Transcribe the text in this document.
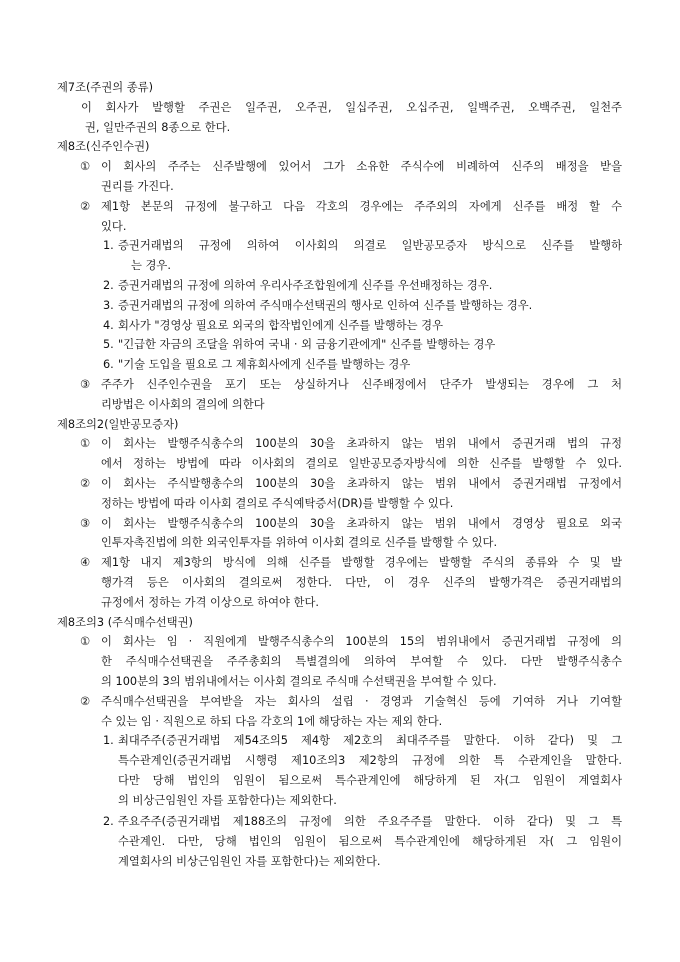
제7조(주권의 종류)
이 회사가 발행할 주권은 일주권, 오주권, 일십주권, 오십주권, 일백주권, 오백주권, 일천주
권, 일만주권의 8종으로 한다.
제8조(신주인수권)
① 이 회사의 주주는 신주발행에 있어서 그가 소유한 주식수에 비례하여 신주의 배정을 받을
권리를 가진다.
② 제1항 본문의 규정에 불구하고 다음 각호의 경우에는 주주외의 자에게 신주를 배정 할 수
있다.
1. 증권거래법의 규정에 의하여 이사회의 의결로 일반공모증자 방식으로 신주를 발행하
는 경우.
2. 증권거래법의 규정에 의하여 우리사주조합원에게 신주를 우선배정하는 경우.
3. 증권거래법의 규정에 의하여 주식매수선택권의 행사로 인하여 신주를 발행하는 경우.
4. 회사가 "경영상 필요로 외국의 합작법인에게 신주를 발행하는 경우
5. "긴급한 자금의 조달을 위하여 국내 · 외 금융기관에게" 신주를 발행하는 경우
6. "기술 도입을 필요로 그 제휴회사에게 신주를 발행하는 경우
③ 주주가 신주인수권을 포기 또는 상실하거나 신주배정에서 단주가 발생되는 경우에 그 처
리방법은 이사회의 결의에 의한다
제8조의2(일반공모증자)
① 이 회사는 발행주식총수의 100분의 30을 초과하지 않는 범위 내에서 증권거래 법의 규정
에서 정하는 방법에 따라 이사회의 결의로 일반공모증자방식에 의한 신주를 발행할 수 있다.
② 이 회사는 주식발행총수의 100분의 30을 초과하지 않는 범위 내에서 증권거래법 규정에서
정하는 방법에 따라 이사회 결의로 주식예탁증서(DR)를 발행할 수 있다.
③ 이 회사는 발행주식총수의 100분의 30을 초과하지 않는 범위 내에서 경영상 필요로 외국
인투자촉진법에 의한 외국인투자를 위하여 이사회 결의로 신주를 발행할 수 있다.
④ 제1항 내지 제3항의 방식에 의해 신주를 발행할 경우에는 발행할 주식의 종류와 수 및 발
행가격 등은 이사회의 결의로써 정한다. 다만, 이 경우 신주의 발행가격은 증권거래법의
규정에서 정하는 가격 이상으로 하여야 한다.
제8조의3 (주식매수선택권)
① 이 회사는 임 · 직원에게 발행주식총수의 100분의 15의 범위내에서 증권거래법 규정에 의
한 주식매수선택권을 주주총회의 특별결의에 의하여 부여할 수 있다. 다만 발행주식총수
의 100분의 3의 범위내에서는 이사회 결의로 주식매 수선택권을 부여할 수 있다.
② 주식매수선택권을 부여받을 자는 회사의 설립 · 경영과 기술혁신 등에 기여하 거나 기여할
수 있는 임 · 직원으로 하되 다음 각호의 1에 해당하는 자는 제외 한다.
1. 최대주주(증권거래법 제54조의5 제4항 제2호의 최대주주를 말한다. 이하 같다) 및 그
특수관계인(증권거래법 시행령 제10조의3 제2항의 규정에 의한 특 수관계인을 말한다.
다만 당해 법인의 임원이 됨으로써 특수관계인에 해당하게 된 자(그 임원이 계열회사
의 비상근임원인 자를 포함한다)는 제외한다.
2. 주요주주(증권거래법 제188조의 규정에 의한 주요주주를 말한다. 이하 같다) 및 그 특
수관계인. 다만, 당해 법인의 임원이 됨으로써 특수관계인에 해당하게된 자( 그 임원이
계열회사의 비상근임원인 자를 포함한다)는 제외한다.
